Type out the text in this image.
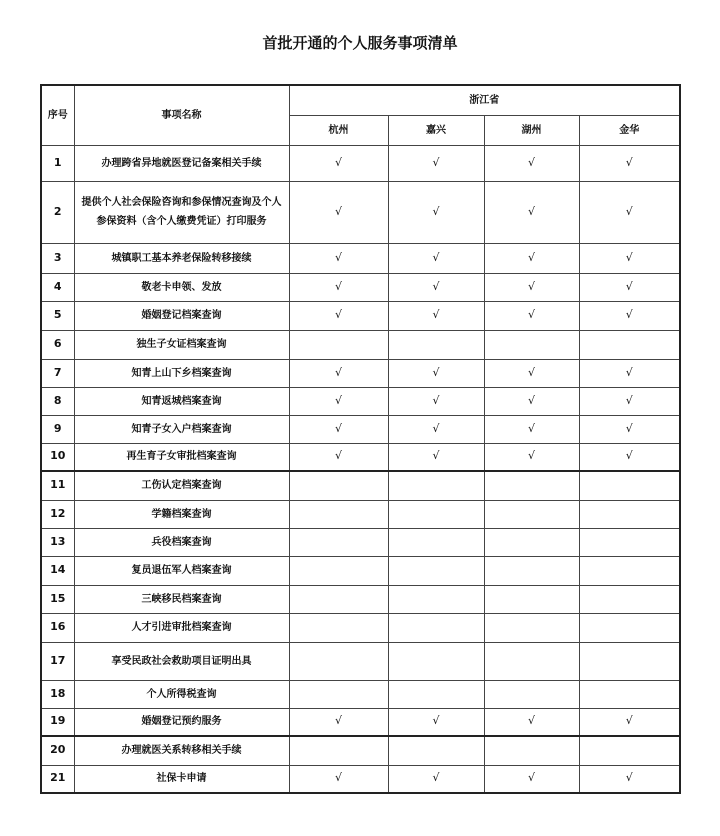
首批开通的个人服务事项清单
序号	事项名称	浙江省			
		杭州	嘉兴	湖州	金华
1	办理跨省异地就医登记备案相关手续	√	√	√	√
2	提供个人社会保险咨询和参保情况查询及个人参保资料（含个人缴费凭证）打印服务	√	√	√	√
3	城镇职工基本养老保险转移接续	√	√	√	√
4	敬老卡申领、发放	√	√	√	√
5	婚姻登记档案查询	√	√	√	√
6	独生子女证档案查询				
7	知青上山下乡档案查询	√	√	√	√
8	知青返城档案查询	√	√	√	√
9	知青子女入户档案查询	√	√	√	√
10	再生育子女审批档案查询	√	√	√	√
11	工伤认定档案查询				
12	学籍档案查询				
13	兵役档案查询				
14	复员退伍军人档案查询				
15	三峡移民档案查询				
16	人才引进审批档案查询				
17	享受民政社会救助项目证明出具				
18	个人所得税查询				
19	婚姻登记预约服务	√	√	√	√
20	办理就医关系转移相关手续				
21	社保卡申请	√	√	√	√
